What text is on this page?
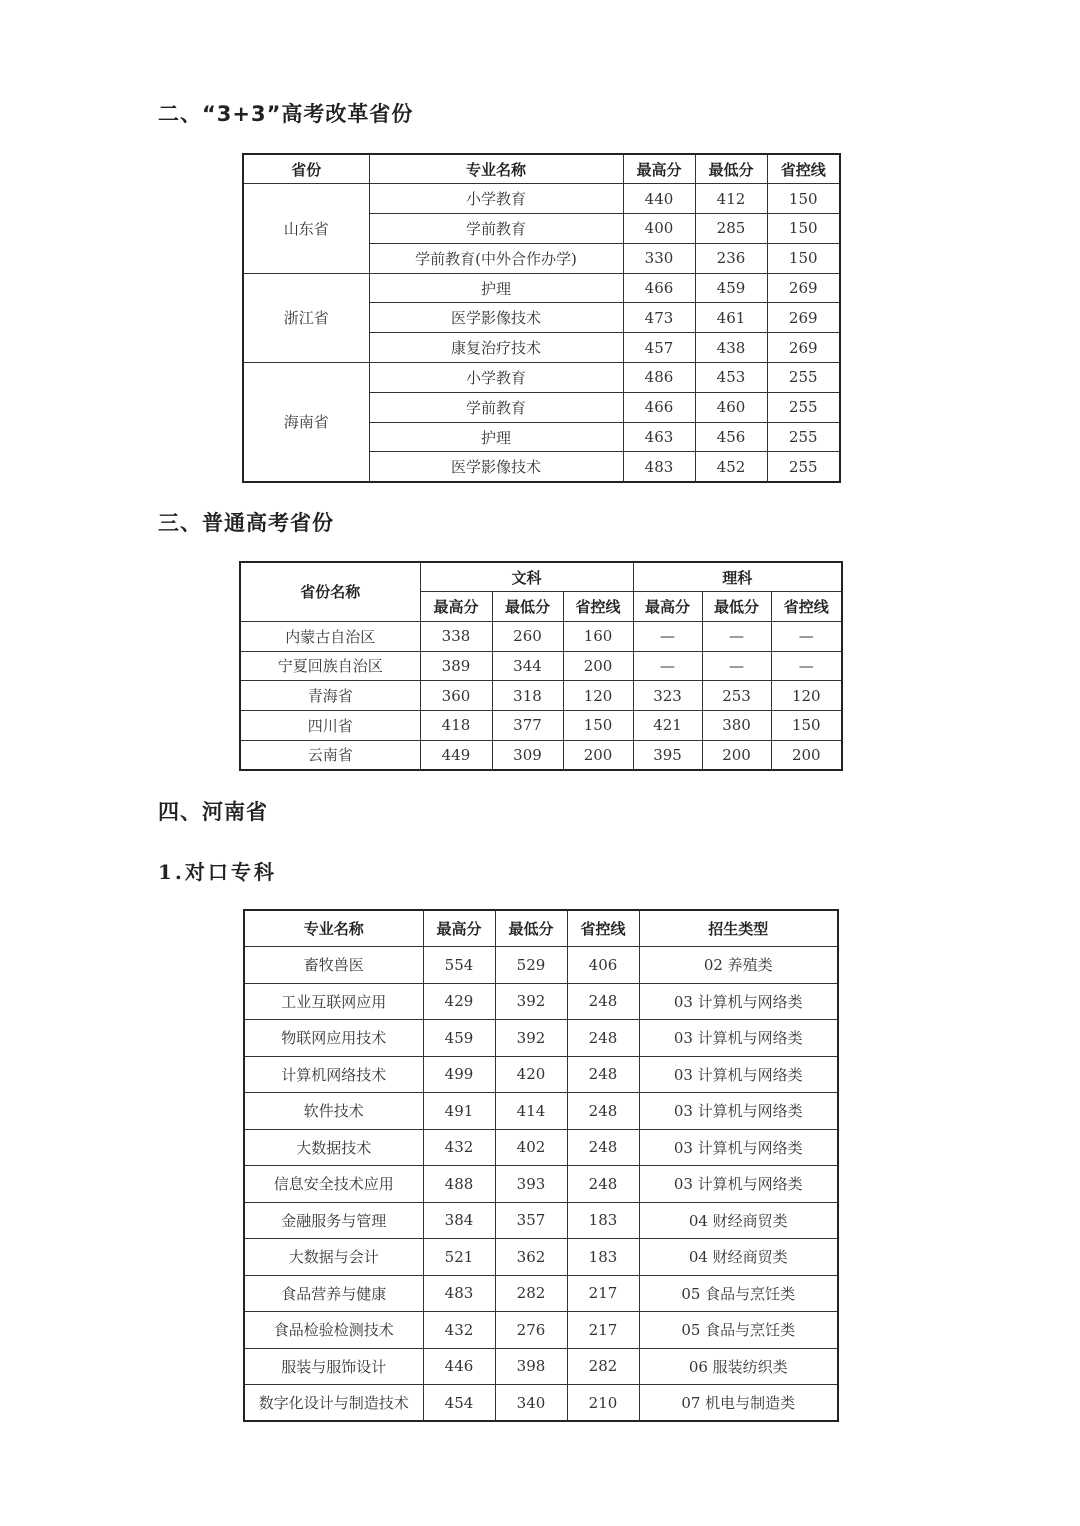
二、“3+3”高考改革省份
省份	专业名称	最高分	最低分	省控线
山东省	小学教育	440	412	150
	学前教育	400	285	150
	学前教育(中外合作办学)	330	236	150
浙江省	护理	466	459	269
	医学影像技术	473	461	269
	康复治疗技术	457	438	269
海南省	小学教育	486	453	255
	学前教育	466	460	255
	护理	463	456	255
	医学影像技术	483	452	255
三、普通高考省份
省份名称	文科			理科		
	最高分	最低分	省控线	最高分	最低分	省控线
内蒙古自治区	338	260	160	—	—	—
宁夏回族自治区	389	344	200	—	—	—
青海省	360	318	120	323	253	120
四川省	418	377	150	421	380	150
云南省	449	309	200	395	200	200
四、河南省
1.对口专科
专业名称	最高分	最低分	省控线	招生类型
畜牧兽医	554	529	406	02 养殖类
工业互联网应用	429	392	248	03 计算机与网络类
物联网应用技术	459	392	248	03 计算机与网络类
计算机网络技术	499	420	248	03 计算机与网络类
软件技术	491	414	248	03 计算机与网络类
大数据技术	432	402	248	03 计算机与网络类
信息安全技术应用	488	393	248	03 计算机与网络类
金融服务与管理	384	357	183	04 财经商贸类
大数据与会计	521	362	183	04 财经商贸类
食品营养与健康	483	282	217	05 食品与烹饪类
食品检验检测技术	432	276	217	05 食品与烹饪类
服装与服饰设计	446	398	282	06 服装纺织类
数字化设计与制造技术	454	340	210	07 机电与制造类
